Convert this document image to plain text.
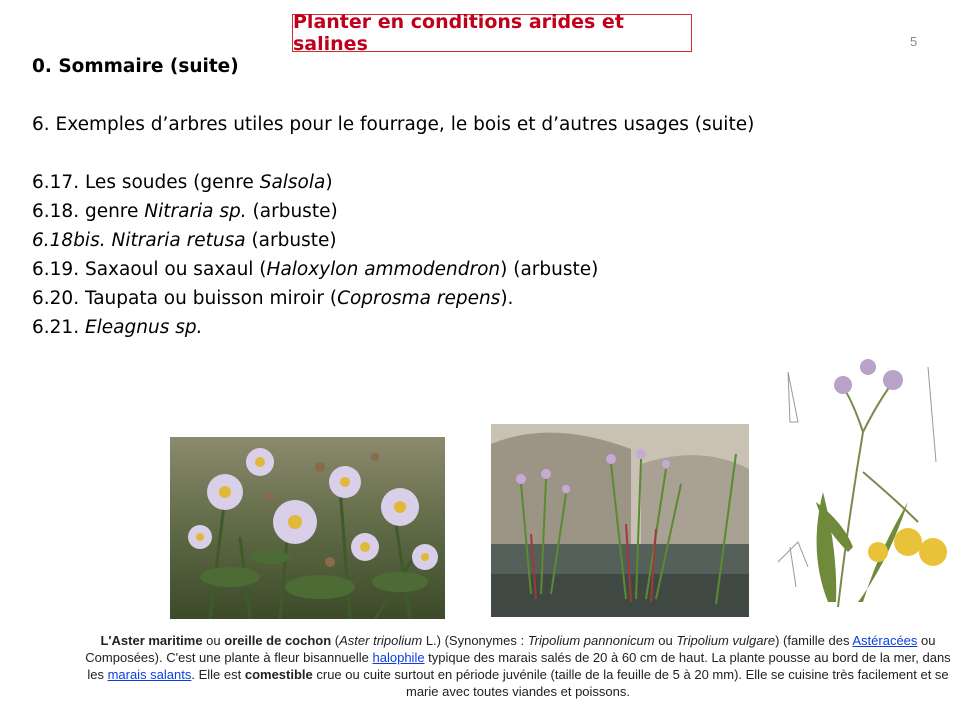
Planter en conditions arides et salines	5
0. Sommaire (suite)
6. Exemples d’arbres utiles pour le fourrage, le bois et d’autres usages (suite)
6.17. Les soudes (genre Salsola)
6.18. genre Nitraria sp. (arbuste)
6.18bis. Nitraria retusa (arbuste)
6.19. Saxaoul ou saxaul (Haloxylon ammodendron) (arbuste)
6.20. Taupata ou buisson miroir (Coprosma repens).
6.21. Eleagnus sp.
L'Aster maritime ou oreille de cochon (Aster tripolium L.) (Synonymes : Tripolium pannonicum ou Tripolium vulgare) (famille des Astéracées ou Composées). C'est une plante à fleur bisannuelle halophile typique des marais salés de 20 à 60 cm de haut. La plante pousse au bord de la mer, dans les marais salants. Elle est comestible crue ou cuite surtout en période juvénile (taille de la feuille de 5 à 20 mm). Elle se cuisine très facilement et se marie avec toutes viandes et poissons.
